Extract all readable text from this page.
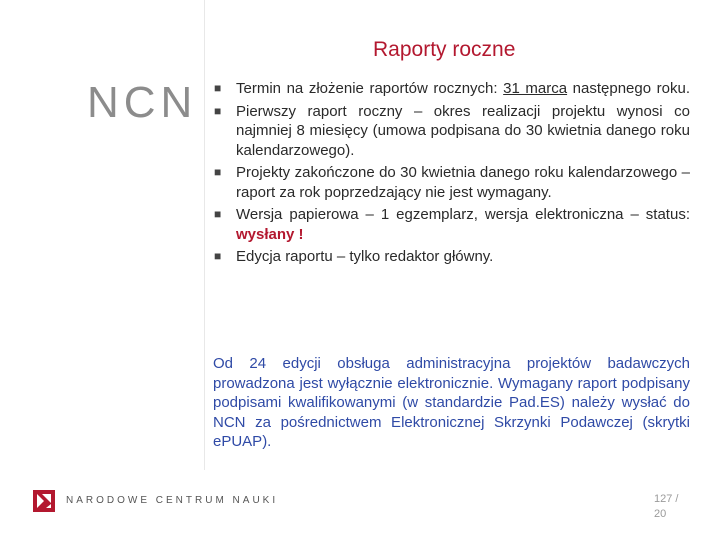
NCN
Raporty roczne
■ Termin na złożenie raportów rocznych: 31 marca następnego roku.
■ Pierwszy raport roczny – okres realizacji projektu wynosi co najmniej 8 miesięcy (umowa podpisana do 30 kwietnia danego roku kalendarzowego).
■ Projekty zakończone do 30 kwietnia danego roku kalendarzowego – raport za rok poprzedzający nie jest wymagany.
■ Wersja papierowa – 1 egzemplarz, wersja elektroniczna – status: wysłany !
■ Edycja raportu – tylko redaktor główny.

Od 24 edycji obsługa administracyjna projektów badawczych prowadzona jest wyłącznie elektronicznie. Wymagany raport podpisany podpisami kwalifikowanymi (w standardzie Pad.ES) należy wysłać do NCN za pośrednictwem Elektronicznej Skrzynki Podawczej (skrytki ePUAP).

NARODOWE CENTRUM NAUKI	127 /
20
